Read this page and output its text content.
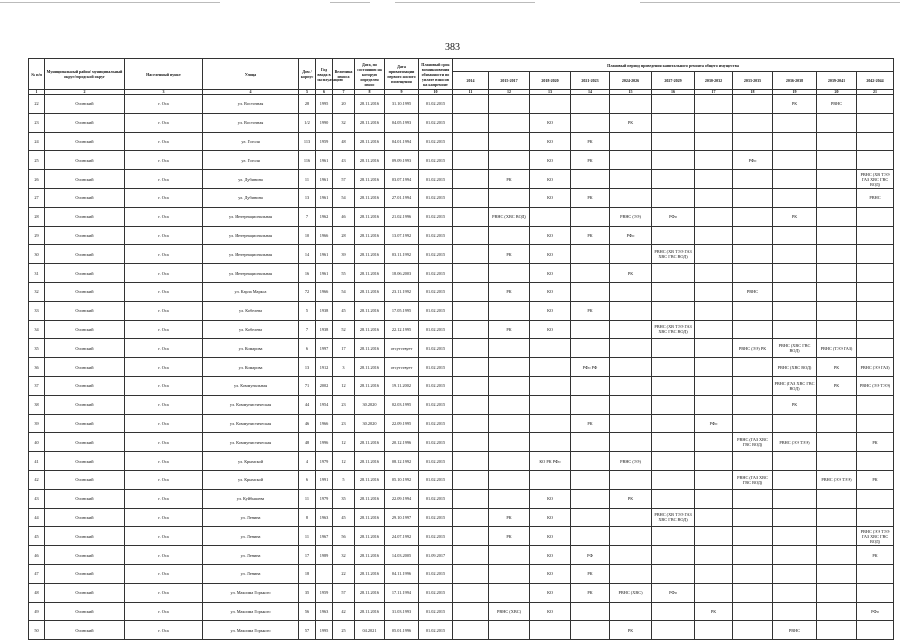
383
№ п/п	Муниципальный район/ муниципальный округ/городской округ	Населенный пункт	Улица	Дом / корпус	Год ввода в эксплуатацию	Величина износа	Дата, по состоянию на которую определен износ	Дата приватизации первого жилого помещения	Плановый срок возникновения обязанности по уплате взносов на капремонт	Плановый период проведения капитального ремонта общего имущества										
										2014	2015-2017	2018-2020	2021-2023	2024-2026	2027-2029	2030-2032	2033-2035	2036-2038	2039-2041	2042-2044
1	2	3	4	5	6	7	8	9	10	11	12	13	14	15	16	17	18	19	20	21
22	Осинский	г. Оса	ул. Восточная	28	1995	20	28.11.2016	31.10.1995	01.02.2015									РК	РВНС	
23	Осинский	г. Оса	ул. Восточная	1/2	1990	32	28.11.2016	04.05.1993	01.02.2015			КО		РК						
24	Осинский	г. Оса	ул. Гоголя	113	1959	48	28.11.2016	04.01.1994	01.02.2015			КО	РК							
25	Осинский	г. Оса	ул. Гоголя	116	1961	43	28.11.2016	09.09.1993	01.02.2015			КО	РК				РФо			
26	Осинский	г. Оса	ул. Дубинина	11	1961	57	28.11.2016	03.07.1994	01.02.2015		РК	КО								РВНС (ХВ ТЭЭ ГАЗ ХВС ГВС ВОД)
27	Осинский	г. Оса	ул. Дубинина	13	1961	54	28.11.2016	27.01.1994	01.02.2015			КО	РК							РВНС
28	Осинский	г. Оса	ул. Интернациональная	7	1962	46	28.11.2016	21.02.1996	01.02.2015		РВНС (ХВС ВОД)			РВНС (ЭЭ)	РФо			РК		
29	Осинский	г. Оса	ул. Интернациональная	10	1966	28	28.11.2016	13.07.1992	01.02.2015			КО	РК	РФо						
30	Осинский	г. Оса	ул. Интернациональная	14	1961	39	28.11.2016	03.11.1992	01.02.2015		РК	КО			РВНС (ХВ ТЭЭ ГАЗ ХВС ГВС ВОД)					
31	Осинский	г. Оса	ул. Интернациональная	16	1961	55	28.11.2016	18.06.2003	01.02.2015			КО		РК						
32	Осинский	г. Оса	ул. Карла Маркса	72	1966	54	28.11.2016	23.11.1992	01.02.2015		РК	КО					РВНС			
33	Осинский	г. Оса	ул. Кобелева	5	1938	45	28.11.2016	17.05.1995	01.02.2015			КО	РК							
34	Осинский	г. Оса	ул. Кобелева	7	1938	52	28.11.2016	22.12.1995	01.02.2015		РК	КО			РВНС (ХВ ТЭЭ ГАЗ ХВС ГВС ВОД)					
35	Осинский	г. Оса	ул. Комарова	6	1997	17	28.11.2016	отсутствует	01.02.2015								РВНС (ЭЭ) РК	РВНС (ХВС ГВС ВОД)	РВНС (ТЭЭ ГАЗ)	
36	Осинский	г. Оса	ул. Комарова	13	1912	3	28.11.2016	отсутствует	01.02.2015				РФо РФ					РВНС (ХВС ВОД)	РК	РВНС (ЭЭ ГАЗ)
37	Осинский	г. Оса	ул. Коммунальная	71	2002	12	28.11.2016	19.11.2002	01.02.2015									РВНС (ГАЗ ХВС ГВС ВОД)	РК	РВНС (ЭЭ ТЭЭ)
38	Осинский	г. Оса	ул. Коммунистическая	44	1954	23	30.2020	02.03.1995	01.02.2015									РК		
39	Осинский	г. Оса	ул. Коммунистическая	46	1966	23	30.2020	22.09.1995	01.02.2015				РК			РФо				
40	Осинский	г. Оса	ул. Коммунистическая	48	1996	12	28.11.2016	20.12.1996	01.02.2015								РВНС (ГАЗ ХВС ГВС ВОД)	РВНС (ЭЭ ТЭЭ)		РК
41	Осинский	г. Оса	ул. Крымской	4	1979	12	28.11.2016	08.12.1992	01.02.2015			КО РК РФо		РВНС (ЭЭ)						
42	Осинский	г. Оса	ул. Крымской	6	1991	5	28.11.2016	05.10.1992	01.02.2015								РВНС (ГАЗ ХВС ГВС ВОД)		РВНС (ЭЭ ТЭЭ)	РК
43	Осинский	г. Оса	ул. Куйбышева	11	1979	35	28.11.2016	22.09.1994	01.02.2015			КО		РК						
44	Осинский	г. Оса	ул. Ленина	8	1963	45	28.11.2016	29.10.1997	01.02.2015		РК	КО			РВНС (ХВ ТЭЭ ГАЗ ХВС ГВС ВОД)					
45	Осинский	г. Оса	ул. Ленина	11	1967	56	28.11.2016	24.07.1992	01.02.2015		РК	КО								РВНС (ЭЭ ТЭЭ ГАЗ ХВС ГВС ВОД)
46	Осинский	г. Оса	ул. Ленина	17	1989	32	28.11.2016	14.03.2005	01.09.2017			КО	РФ							РК
47	Осинский	г. Оса	ул. Ленина	18		22	28.11.2016	04.11.1996	01.02.2015			КО	РК							
48	Осинский	г. Оса	ул. Максима Горького	35	1959	57	28.11.2016	17.11.1994	01.02.2015			КО	РК	РВНС (ХВС)	РФо					
49	Осинский	г. Оса	ул. Максима Горького	56	1963	42	28.11.2016	31.03.1993	01.02.2015		РВНС (ХВС)	КО				РК				РФо
50	Осинский	г. Оса	ул. Максима Горького	57	1995	25	04.2021	05.01.1996	01.02.2015					РК				РВНС		
